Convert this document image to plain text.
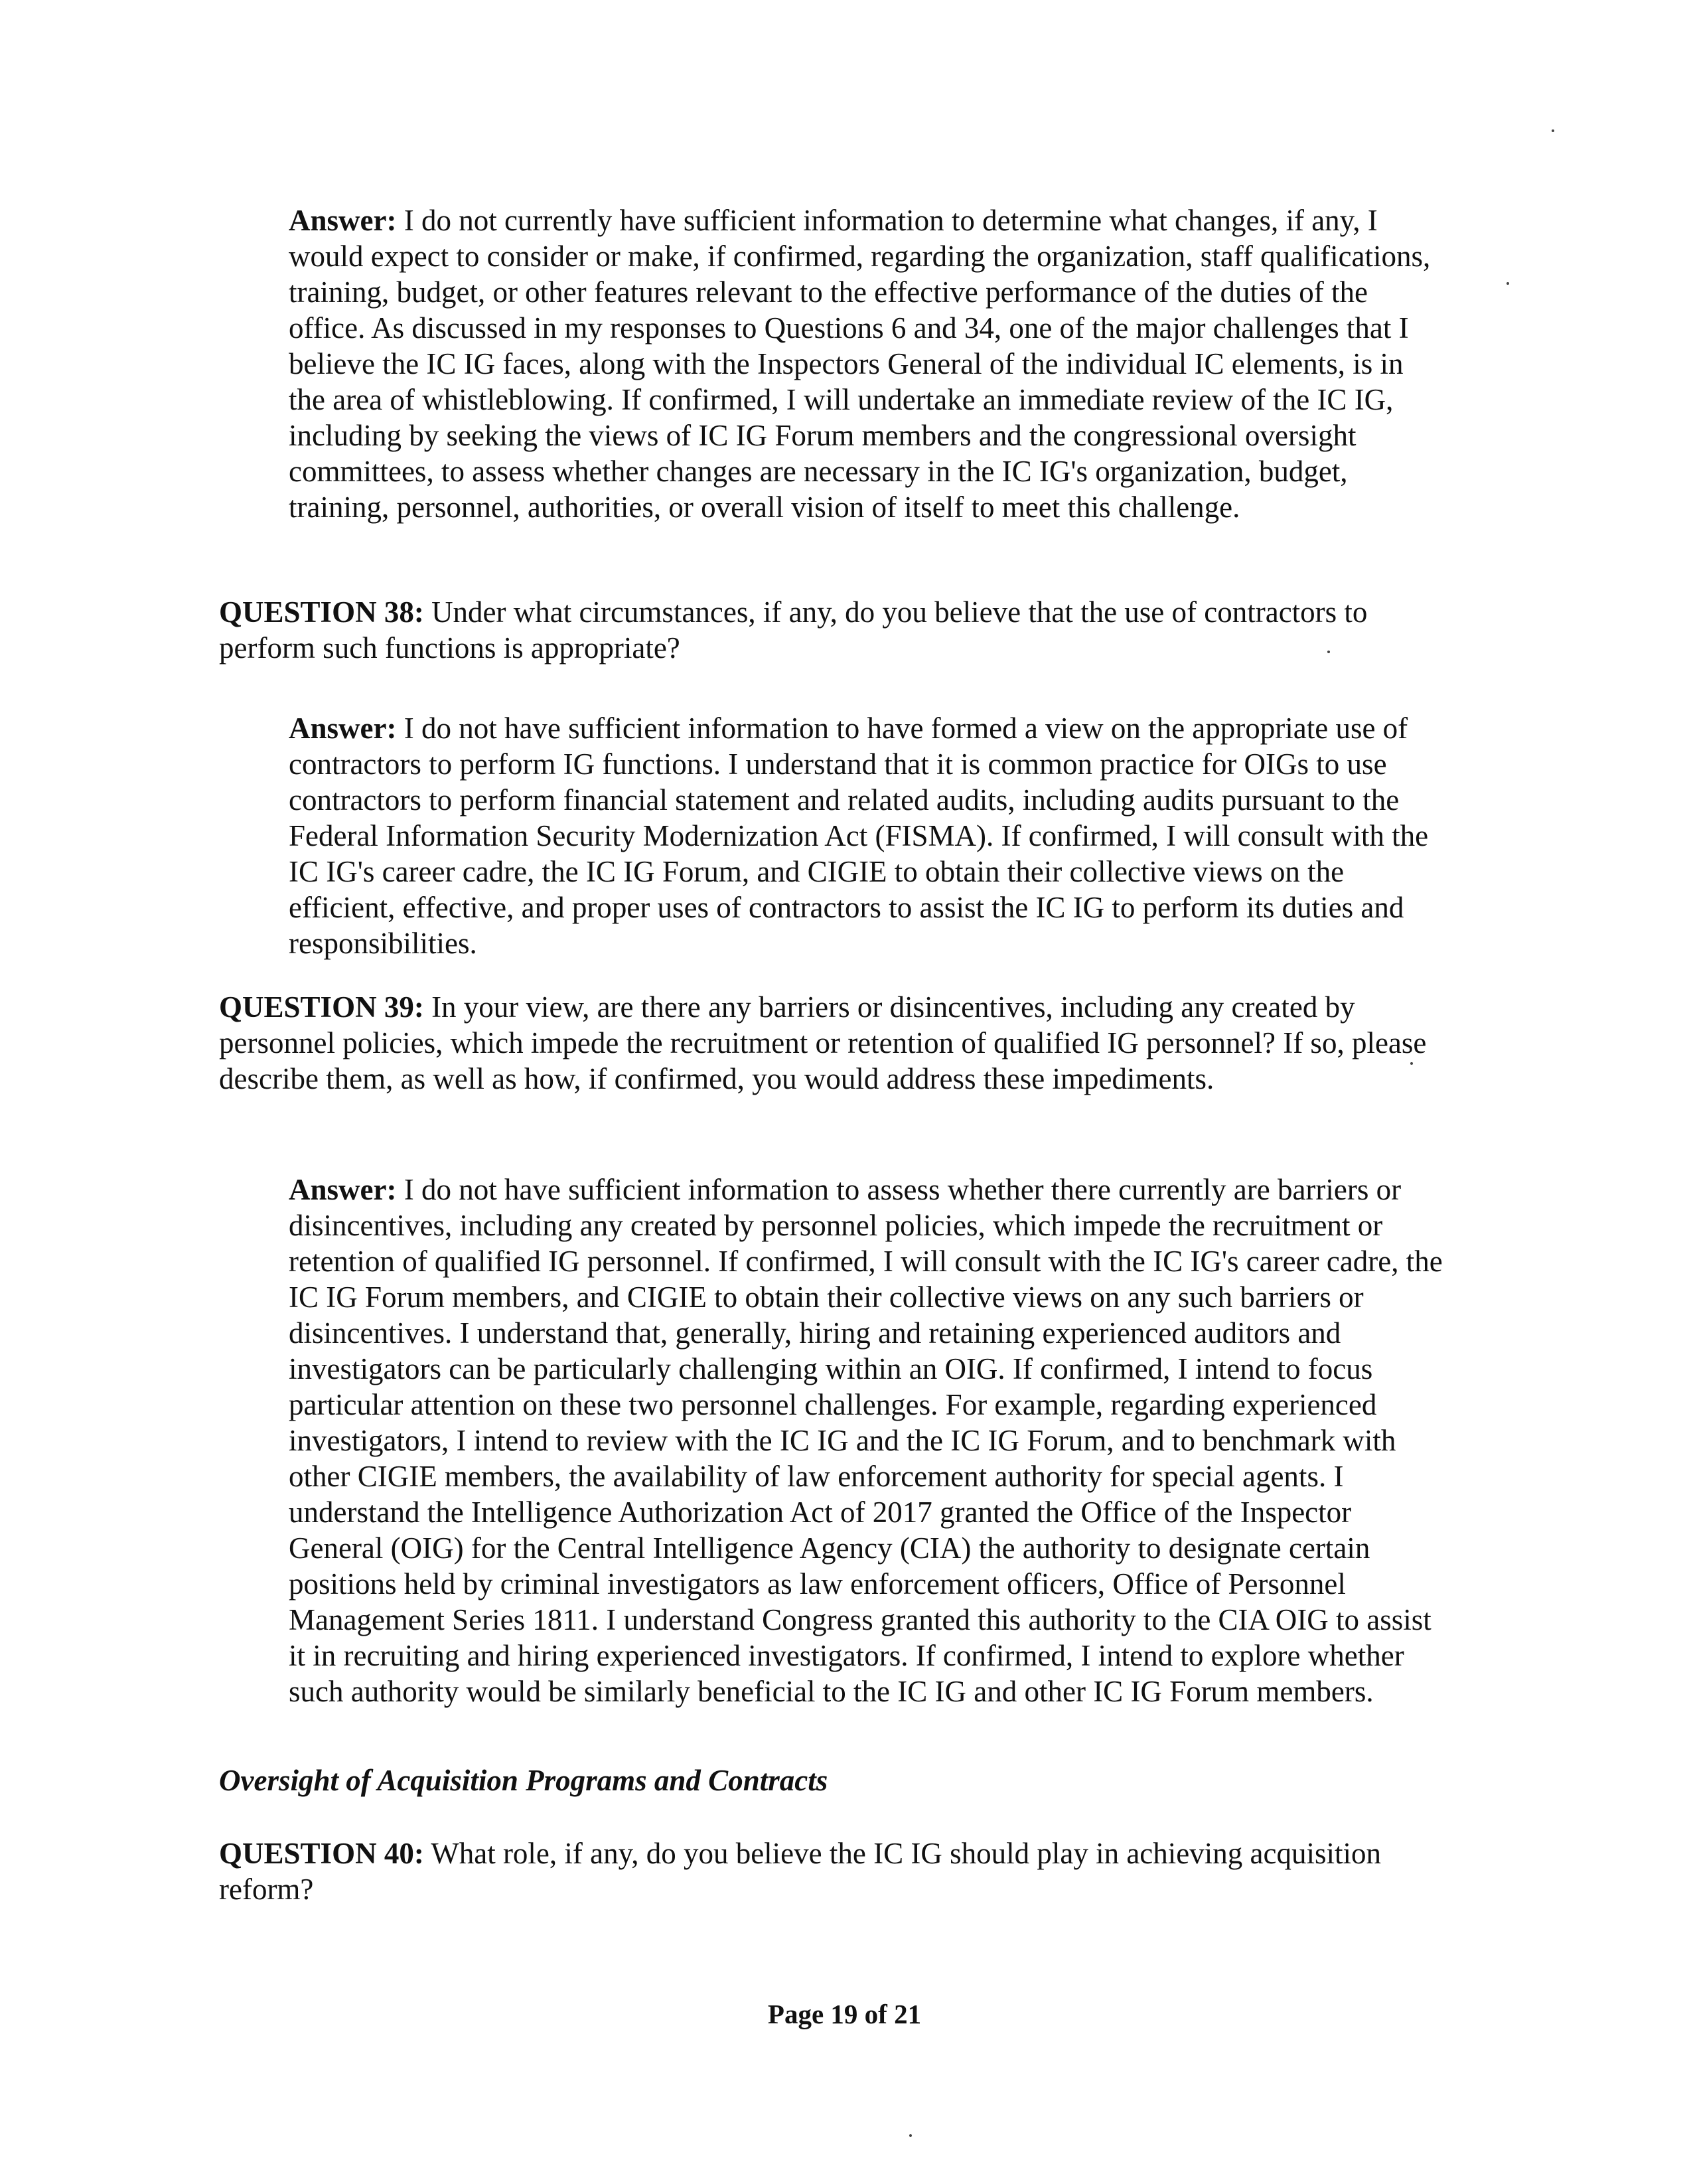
Answer: I do not currently have sufficient information to determine what changes, if any, I would expect to consider or make, if confirmed, regarding the organization, staff qualifications, training, budget, or other features relevant to the effective performance of the duties of the office. As discussed in my responses to Questions 6 and 34, one of the major challenges that I believe the IC IG faces, along with the Inspectors General of the individual IC elements, is in the area of whistleblowing. If confirmed, I will undertake an immediate review of the IC IG, including by seeking the views of IC IG Forum members and the congressional oversight committees, to assess whether changes are necessary in the IC IG's organization, budget, training, personnel, authorities, or overall vision of itself to meet this challenge.

QUESTION 38: Under what circumstances, if any, do you believe that the use of contractors to perform such functions is appropriate?

Answer: I do not have sufficient information to have formed a view on the appropriate use of contractors to perform IG functions. I understand that it is common practice for OIGs to use contractors to perform financial statement and related audits, including audits pursuant to the Federal Information Security Modernization Act (FISMA). If confirmed, I will consult with the IC IG's career cadre, the IC IG Forum, and CIGIE to obtain their collective views on the efficient, effective, and proper uses of contractors to assist the IC IG to perform its duties and responsibilities.

QUESTION 39: In your view, are there any barriers or disincentives, including any created by personnel policies, which impede the recruitment or retention of qualified IG personnel? If so, please describe them, as well as how, if confirmed, you would address these impediments.

Answer: I do not have sufficient information to assess whether there currently are barriers or disincentives, including any created by personnel policies, which impede the recruitment or retention of qualified IG personnel. If confirmed, I will consult with the IC IG's career cadre, the IC IG Forum members, and CIGIE to obtain their collective views on any such barriers or disincentives. I understand that, generally, hiring and retaining experienced auditors and investigators can be particularly challenging within an OIG. If confirmed, I intend to focus particular attention on these two personnel challenges. For example, regarding experienced investigators, I intend to review with the IC IG and the IC IG Forum, and to benchmark with other CIGIE members, the availability of law enforcement authority for special agents. I understand the Intelligence Authorization Act of 2017 granted the Office of the Inspector General (OIG) for the Central Intelligence Agency (CIA) the authority to designate certain positions held by criminal investigators as law enforcement officers, Office of Personnel Management Series 1811. I understand Congress granted this authority to the CIA OIG to assist it in recruiting and hiring experienced investigators. If confirmed, I intend to explore whether such authority would be similarly beneficial to the IC IG and other IC IG Forum members.

Oversight of Acquisition Programs and Contracts

QUESTION 40: What role, if any, do you believe the IC IG should play in achieving acquisition reform?

Page 19 of 21
